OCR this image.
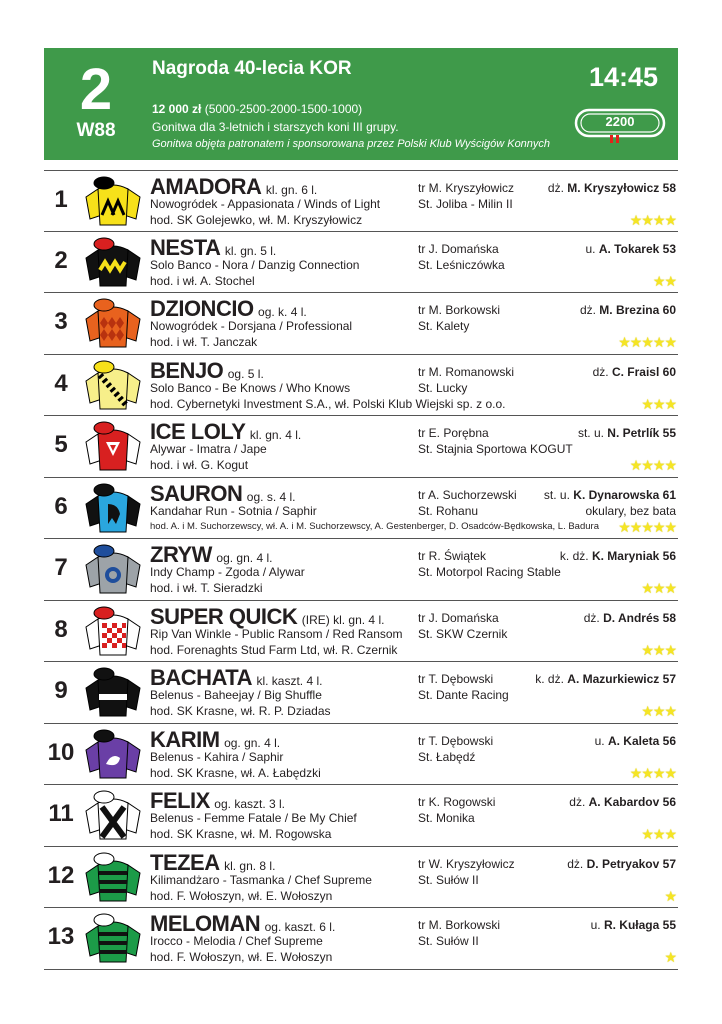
2
W88
Nagroda 40-lecia KOR
12 000 zł (5000-2500-2000-1500-1000)
Gonitwa dla 3-letnich i starszych koni III grupy.
Gonitwa objęta patronatem i sponsorowana przez Polski Klub Wyścigów Konnych
14:45
2200
1	AMADORA kl. gn. 6 l.
Nowogródek - Appasionata / Winds of Light
hod. SK Golejewko, wł. M. Kryszyłowicz
tr M. Kryszyłowicz
St. Joliba - Milin II
dż. M. Kryszyłowicz 58
★★★★
2	NESTA kl. gn. 5 l.
Solo Banco - Nora / Danzig Connection
hod. i wł. A. Stochel
tr J. Domańska
St. Leśniczówka
u. A. Tokarek 53
★★
3	DZIONCIO og. k. 4 l.
Nowogródek - Dorsjana / Professional
hod. i wł. T. Janczak
tr M. Borkowski
St. Kalety
dż. M. Brezina 60
★★★★★
4	BENJO og. 5 l.
Solo Banco - Be Knows / Who Knows
hod. Cybernetyki Investment S.A., wł. Polski Klub Wiejski sp. z o.o.
tr M. Romanowski
St. Lucky
dż. C. Fraisl 60
★★★
5	ICE LOLY kl. gn. 4 l.
Alywar - Imatra / Jape
hod. i wł. G. Kogut
tr E. Porębna
St. Stajnia Sportowa KOGUT
st. u. N. Petrlík 55
★★★★
6	SAURON og. s. 4 l.
Kandahar Run - Sotnia / Saphir
hod. A. i M. Suchorzewscy, wł. A. i M. Suchorzewscy, A. Gestenberger, D. Osadców-Będkowska, L. Badura
tr A. Suchorzewski
St. Rohanu
st. u. K. Dynarowska 61
okulary, bez bata
★★★★★
7	ZRYW og. gn. 4 l.
Indy Champ - Zgoda / Alywar
hod. i wł. T. Sieradzki
tr R. Świątek
St. Motorpol Racing Stable
k. dż. K. Maryniak 56
★★★
8	SUPER QUICK (IRE) kl. gn. 4 l.
Rip Van Winkle - Public Ransom / Red Ransom
hod. Forenaghts Stud Farm Ltd, wł. R. Czernik
tr J. Domańska
St. SKW Czernik
dż. D. Andrés 58
★★★
9	BACHATA kl. kaszt. 4 l.
Belenus - Baheejay / Big Shuffle
hod. SK Krasne, wł. R. P. Dziadas
tr T. Dębowski
St. Dante Racing
k. dż. A. Mazurkiewicz 57
★★★
10	KARIM og. gn. 4 l.
Belenus - Kahira / Saphir
hod. SK Krasne, wł. A. Łabędzki
tr T. Dębowski
St. Łabędź
u. A. Kaleta 56
★★★★
11	FELIX og. kaszt. 3 l.
Belenus - Femme Fatale / Be My Chief
hod. SK Krasne, wł. M. Rogowska
tr K. Rogowski
St. Monika
dż. A. Kabardov 56
★★★
12	TEZEA kl. gn. 8 l.
Kilimandżaro - Tasmanka / Chef Supreme
hod. F. Wołoszyn, wł. E. Wołoszyn
tr W. Kryszyłowicz
St. Sułów II
dż. D. Petryakov 57
★
13	MELOMAN og. kaszt. 6 l.
Irocco - Melodia / Chef Supreme
hod. F. Wołoszyn, wł. E. Wołoszyn
tr M. Borkowski
St. Sułów II
u. R. Kułaga 55
★
